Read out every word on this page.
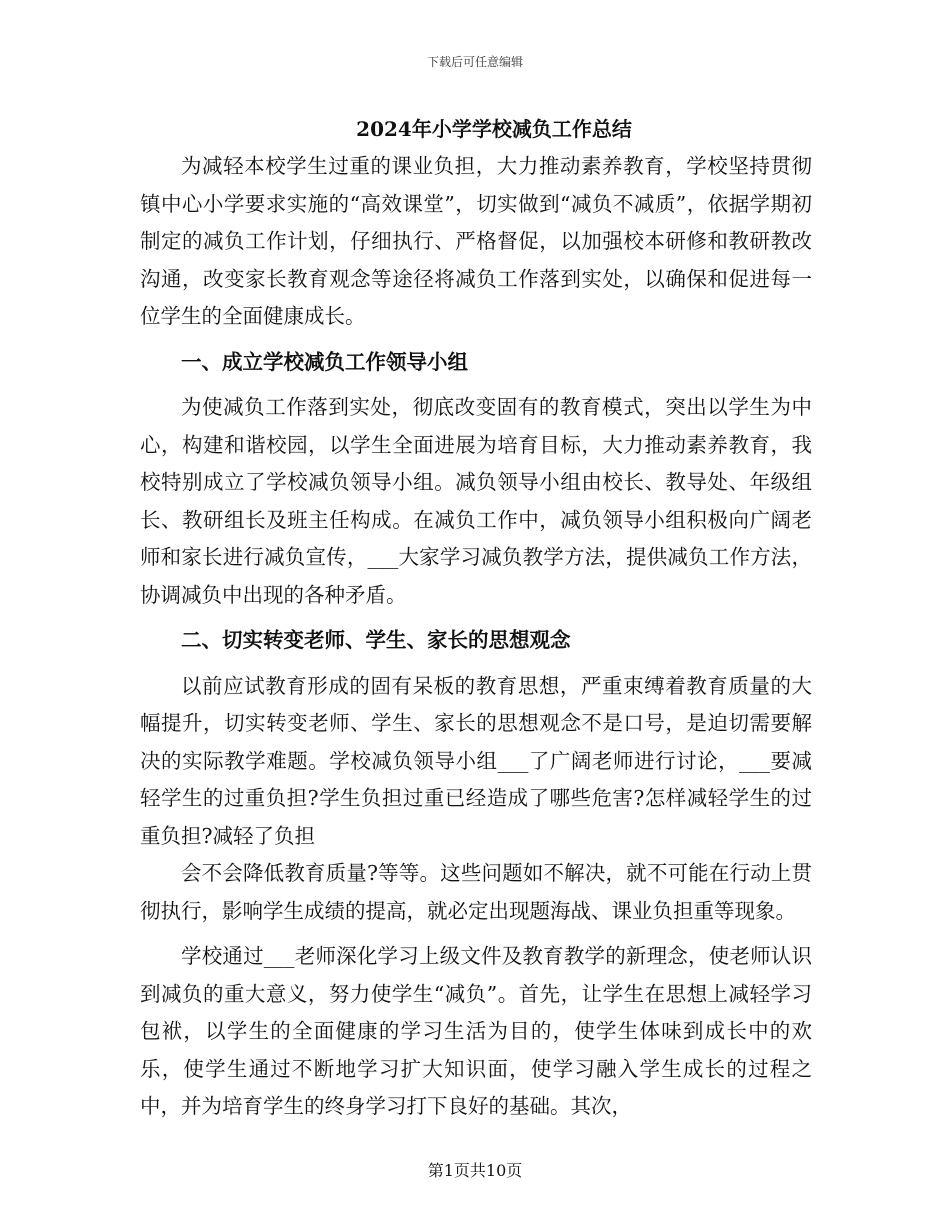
下载后可任意编辑
2024年小学学校减负工作总结

为减轻本校学生过重的课业负担，大力推动素养教育，学校坚持贯彻镇中心小学要求实施的“高效课堂”，切实做到“减负不减质”，依据学期初制定的减负工作计划，仔细执行、严格督促，以加强校本研修和教研教改沟通，改变家长教育观念等途径将减负工作落到实处，以确保和促进每一位学生的全面健康成长。

一、成立学校减负工作领导小组

为使减负工作落到实处，彻底改变固有的教育模式，突出以学生为中心，构建和谐校园，以学生全面进展为培育目标，大力推动素养教育，我校特别成立了学校减负领导小组。减负领导小组由校长、教导处、年级组长、教研组长及班主任构成。在减负工作中，减负领导小组积极向广阔老师和家长进行减负宣传，___大家学习减负教学方法，提供减负工作方法，协调减负中出现的各种矛盾。

二、切实转变老师、学生、家长的思想观念

以前应试教育形成的固有呆板的教育思想，严重束缚着教育质量的大幅提升，切实转变老师、学生、家长的思想观念不是口号，是迫切需要解决的实际教学难题。学校减负领导小组___了广阔老师进行讨论，___要减轻学生的过重负担?学生负担过重已经造成了哪些危害?怎样减轻学生的过重负担?减轻了负担

会不会降低教育质量?等等。这些问题如不解决，就不可能在行动上贯彻执行，影响学生成绩的提高，就必定出现题海战、课业负担重等现象。

学校通过___老师深化学习上级文件及教育教学的新理念，使老师认识到减负的重大意义，努力使学生“减负”。首先，让学生在思想上减轻学习包袱，以学生的全面健康的学习生活为目的，使学生体味到成长中的欢乐，使学生通过不断地学习扩大知识面，使学习融入学生成长的过程之中，并为培育学生的终身学习打下良好的基础。其次，

第1页共10页
